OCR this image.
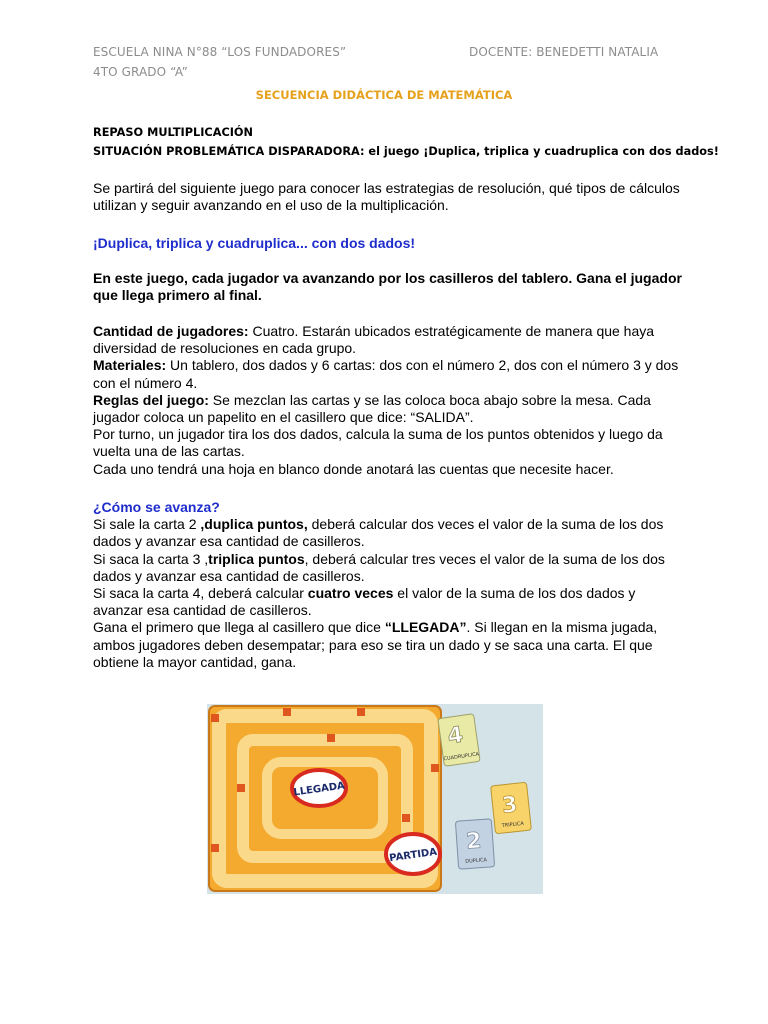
ESCUELA NINA N°88 “LOS FUNDADORES”	DOCENTE: BENEDETTI NATALIA
4TO GRADO “A”
SECUENCIA DIDÁCTICA DE MATEMÁTICA
REPASO MULTIPLICACIÓN
SITUACIÓN PROBLEMÁTICA DISPARADORA: el juego ¡Duplica, triplica y cuadruplica con dos dados!

Se partirá del siguiente juego para conocer las estrategias de resolución, qué tipos de cálculos utilizan y seguir avanzando en el uso de la multiplicación.

¡Duplica, triplica y cuadruplica... con dos dados!

En este juego, cada jugador va avanzando por los casilleros del tablero. Gana el jugador que llega primero al final.

Cantidad de jugadores: Cuatro. Estarán ubicados estratégicamente de manera que haya diversidad de resoluciones en cada grupo.

Materiales: Un tablero, dos dados y 6 cartas: dos con el número 2, dos con el número 3 y dos con el número 4.

Reglas del juego: Se mezclan las cartas y se las coloca boca abajo sobre la mesa. Cada jugador coloca un papelito en el casillero que dice: “SALIDA”.

Por turno, un jugador tira los dos dados, calcula la suma de los puntos obtenidos y luego da vuelta una de las cartas.

Cada uno tendrá una hoja en blanco donde anotará las cuentas que necesite hacer.

¿Cómo se avanza?

Si sale la carta 2 ,duplica puntos, deberá calcular dos veces el valor de la suma de los dos dados y avanzar esa cantidad de casilleros.

Si saca la carta 3 ,triplica puntos, deberá calcular tres veces el valor de la suma de los dos dados y avanzar esa cantidad de casilleros.

Si saca la carta 4, deberá calcular cuatro veces el valor de la suma de los dos dados y avanzar esa cantidad de casilleros.

Gana el primero que llega al casillero que dice “LLEGADA”. Si llegan en la misma jugada, ambos jugadores deben desempatar; para eso se tira un dado y se saca una carta. El que obtiene la mayor cantidad, gana.

LLEGADA
PARTIDA
4
CUADRUPLICA
3
TRIPLICA
2
DUPLICA
